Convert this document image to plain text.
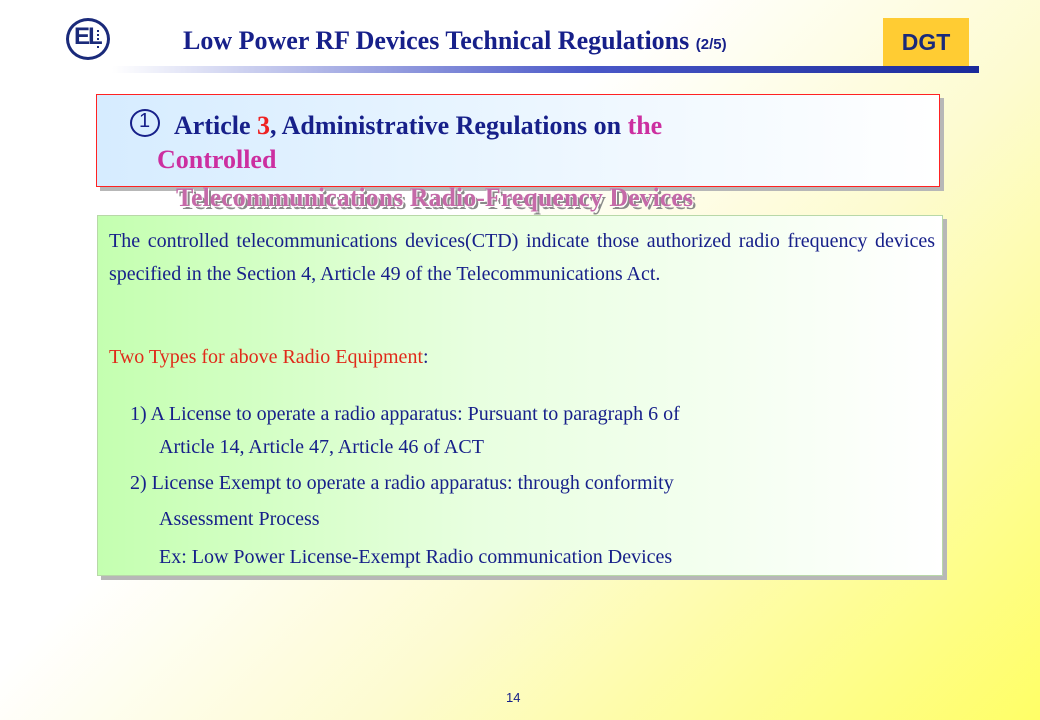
EL	Low Power RF Devices Technical Regulations (2/5)	DGT
1 Article 3, Administrative Regulations on the
Controlled
Telecommunications Radio-Frequency Devices
The controlled telecommunications devices(CTD) indicate those authorized radio frequency devices specified in the Section 4, Article 49 of the Telecommunications Act.
Two Types for above Radio Equipment:
1) A License to operate a radio apparatus: Pursuant to paragraph 6 of
Article 14, Article 47, Article 46 of ACT
2) License Exempt to operate a radio apparatus: through conformity
Assessment Process
Ex: Low Power License-Exempt Radio communication Devices
14
